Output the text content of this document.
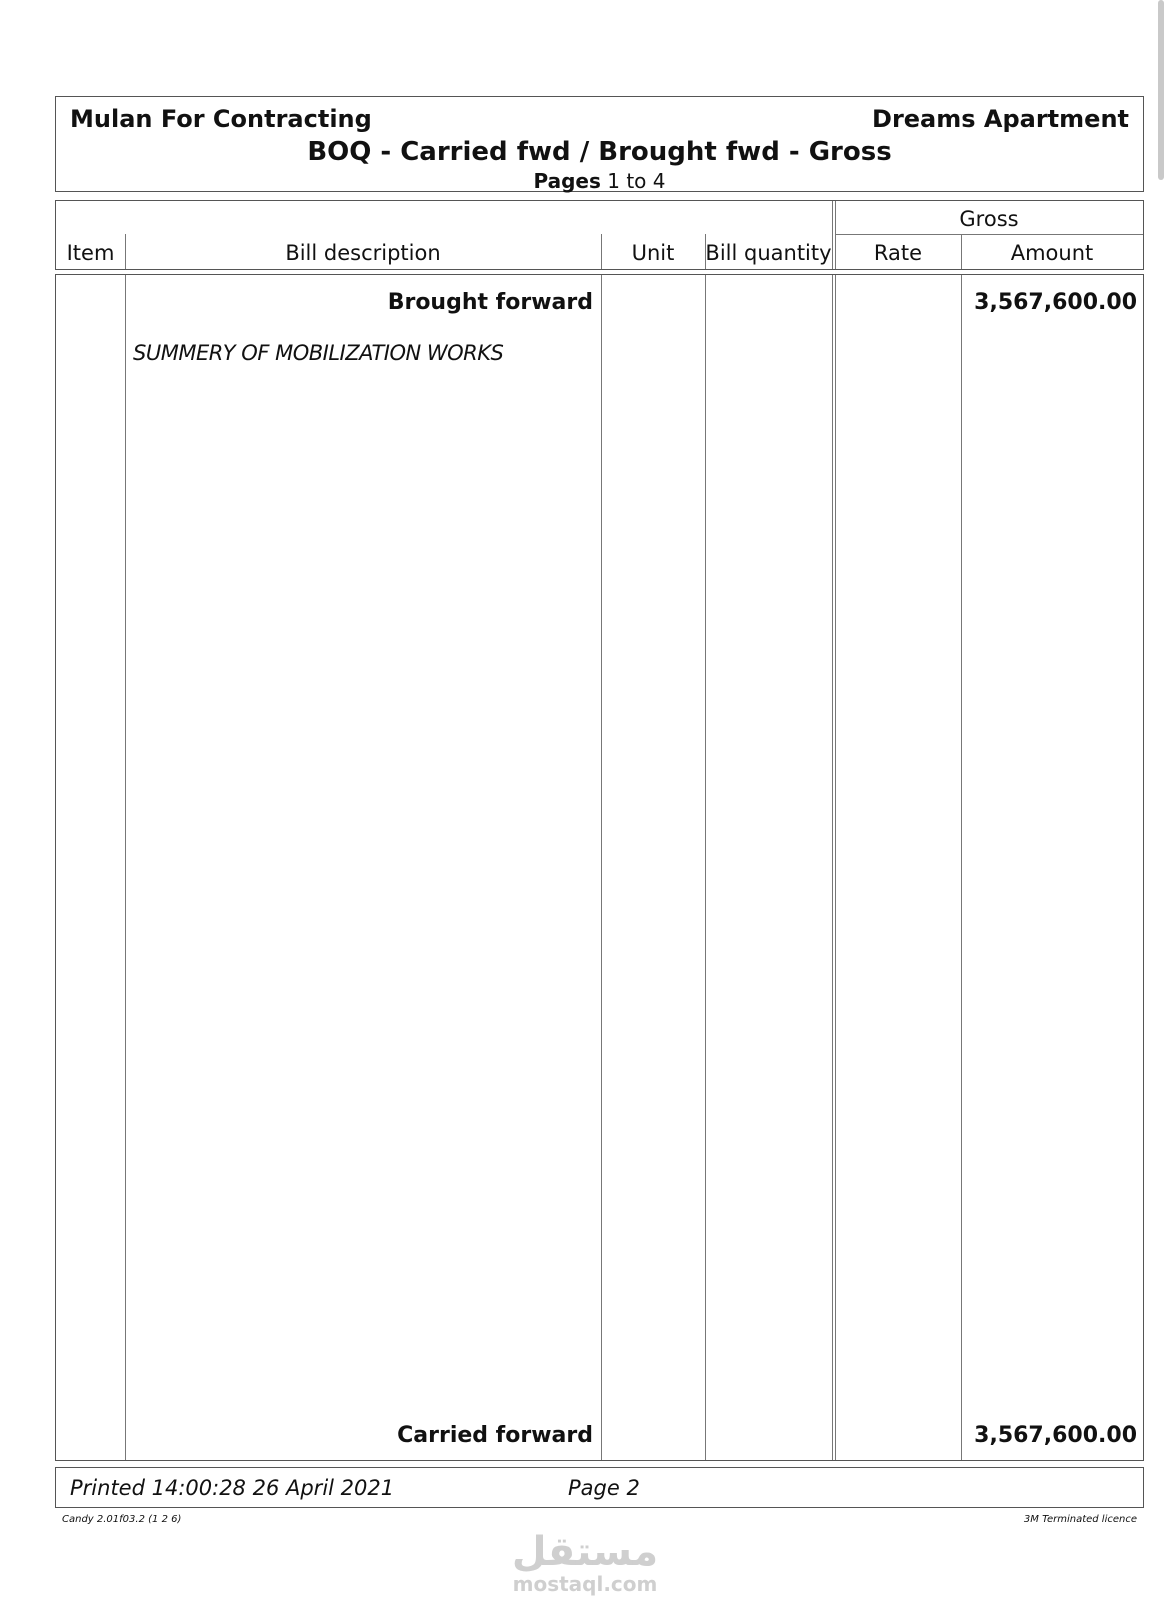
Mulan For Contracting	Dreams Apartment
BOQ - Carried fwd / Brought fwd - Gross
Pages 1 to 4
Item	Bill description	Unit	Bill quantity
Gross
Rate	Amount
Brought forward	3,567,600.00
SUMMERY OF MOBILIZATION WORKS
Carried forward	3,567,600.00
Printed 14:00:28 26 April 2021	Page 2
Candy 2.01f03.2 (1 2 6)	3M Terminated licence
مستقل
mostaql.com
